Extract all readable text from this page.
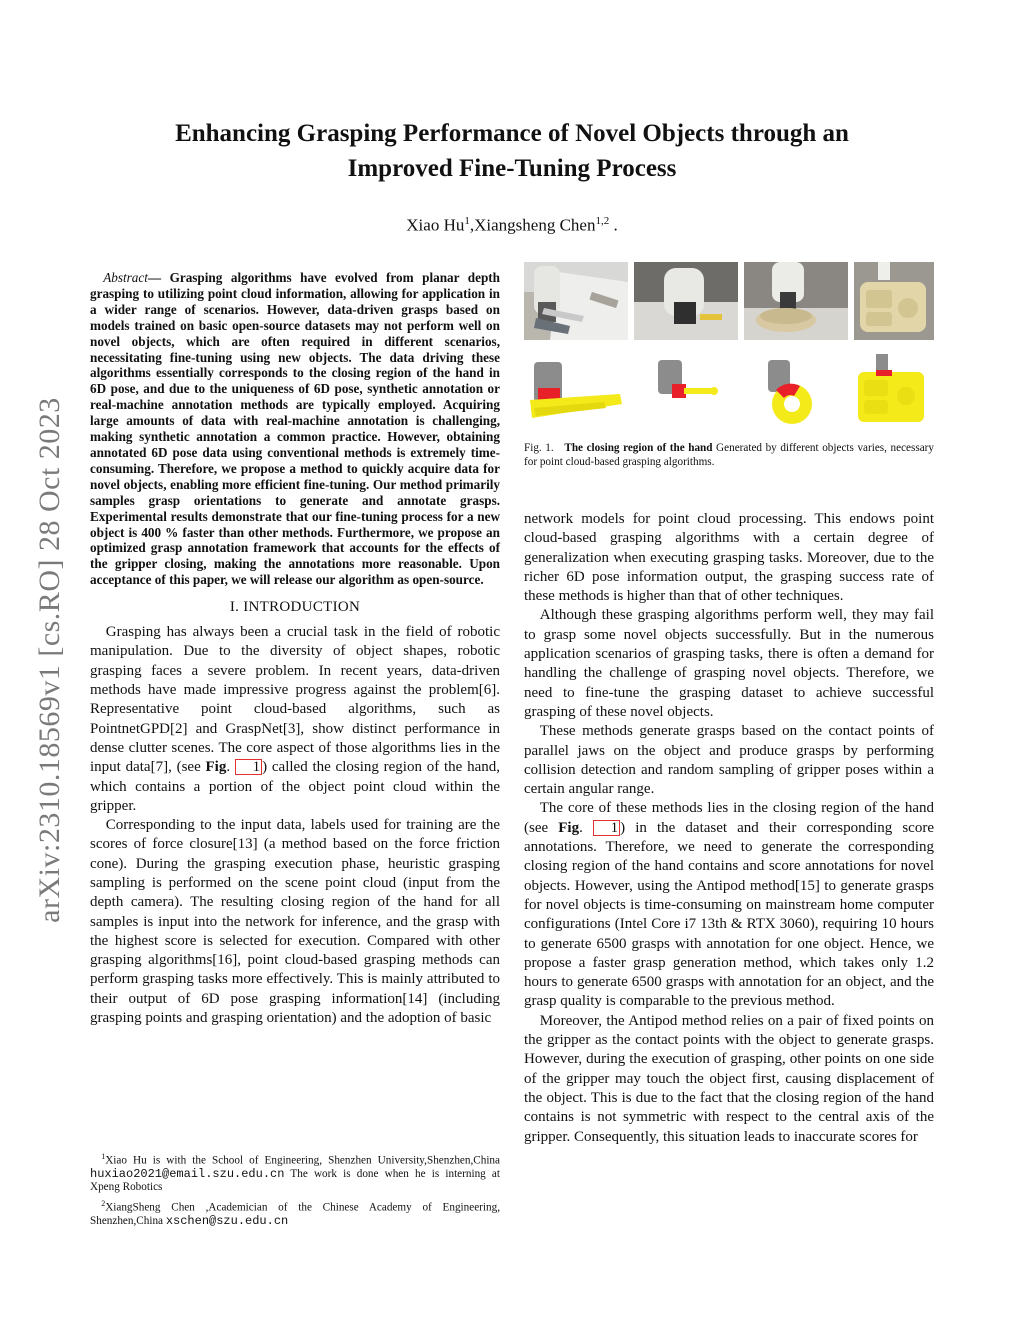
arXiv:2310.18569v1 [cs.RO] 28 Oct 2023
Enhancing Grasping Performance of Novel Objects through an Improved Fine-Tuning Process
Xiao Hu$^1$,Xiangsheng Chen$^{1,2}$ .

Abstract— Grasping algorithms have evolved from planar depth grasping to utilizing point cloud information, allowing for application in a wider range of scenarios. However, data-driven grasps based on models trained on basic open-source datasets may not perform well on novel objects, which are often required in different scenarios, necessitating fine-tuning using new objects. The data driving these algorithms essentially corresponds to the closing region of the hand in 6D pose, and due to the uniqueness of 6D pose, synthetic annotation or real-machine annotation methods are typically employed. Acquiring large amounts of data with real-machine annotation is challenging, making synthetic annotation a common practice. However, obtaining annotated 6D pose data using conventional methods is extremely time-consuming. Therefore, we propose a method to quickly acquire data for novel objects, enabling more efficient fine-tuning. Our method primarily samples grasp orientations to generate and annotate grasps. Experimental results demonstrate that our fine-tuning process for a new object is 400 % faster than other methods. Furthermore, we propose an optimized grasp annotation framework that accounts for the effects of the gripper closing, making the annotations more reasonable. Upon acceptance of this paper, we will release our algorithm as open-source.

I. INTRODUCTION

Grasping has always been a crucial task in the field of robotic manipulation. Due to the diversity of object shapes, robotic grasping faces a severe problem. In recent years, data-driven methods have made impressive progress against the problem[6]. Representative point cloud-based algorithms, such as PointnetGPD[2] and GraspNet[3], show distinct performance in dense clutter scenes. The core aspect of those algorithms lies in the input data[7], (see Fig. 1 ) called the closing region of the hand, which contains a portion of the object point cloud within the gripper.

Corresponding to the input data, labels used for training are the scores of force closure[13] (a method based on the force friction cone). During the grasping execution phase, heuristic grasping sampling is performed on the scene point cloud (input from the depth camera). The resulting closing region of the hand for all samples is input into the network for inference, and the grasp with the highest score is selected for execution. Compared with other grasping algorithms[16], point cloud-based grasping methods can perform grasping tasks more effectively. This is mainly attributed to their output of 6D pose grasping information[14] (including grasping points and grasping orientation) and the adoption of basic

Fig. 1. The closing region of the hand Generated by different objects varies, necessary for point cloud-based grasping algorithms.

network models for point cloud processing. This endows point cloud-based grasping algorithms with a certain degree of generalization when executing grasping tasks. Moreover, due to the richer 6D pose information output, the grasping success rate of these methods is higher than that of other techniques.

Although these grasping algorithms perform well, they may fail to grasp some novel objects successfully. But in the numerous application scenarios of grasping tasks, there is often a demand for handling the challenge of grasping novel objects. Therefore, we need to fine-tune the grasping dataset to achieve successful grasping of these novel objects.

These methods generate grasps based on the contact points of parallel jaws on the object and produce grasps by performing collision detection and random sampling of gripper poses within a certain angular range.

The core of these methods lies in the closing region of the hand (see Fig. 1 ) in the dataset and their corresponding score annotations. Therefore, we need to generate the corresponding closing region of the hand contains and score annotations for novel objects. However, using the Antipod method[15] to generate grasps for novel objects is time-consuming on mainstream home computer configurations (Intel Core i7 13th & RTX 3060), requiring 10 hours to generate 6500 grasps with annotation for one object. Hence, we propose a faster grasp generation method, which takes only 1.2 hours to generate 6500 grasps with annotation for an object, and the grasp quality is comparable to the previous method.

Moreover, the Antipod method relies on a pair of fixed points on the gripper as the contact points with the object to generate grasps. However, during the execution of grasping, other points on one side of the gripper may touch the object first, causing displacement of the object. This is due to the fact that the closing region of the hand contains is not symmetric with respect to the central axis of the gripper. Consequently, this situation leads to inaccurate scores for

$^1$Xiao Hu is with the School of Engineering, Shenzhen University,Shenzhen,China huxiao2021@email.szu.edu.cn The work is done when he is interning at Xpeng Robotics

$^2$XiangSheng Chen ,Academician of the Chinese Academy of Engineering, Shenzhen,China xschen@szu.edu.cn
